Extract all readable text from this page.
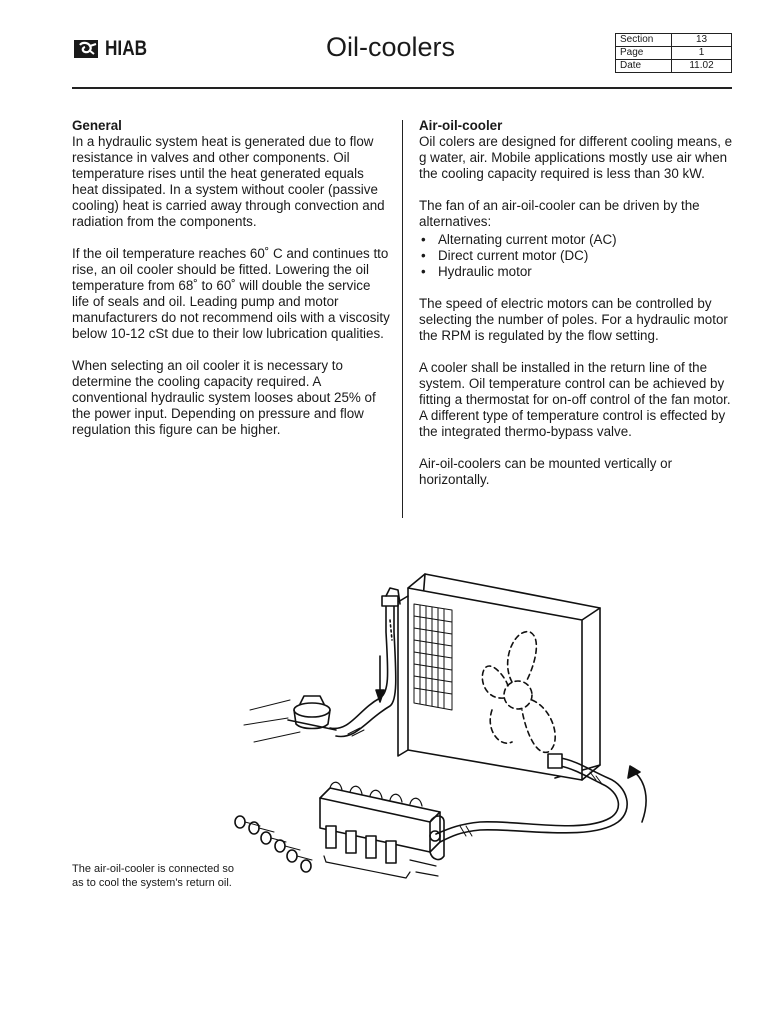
HIAB	Oil-coolers	Section	13
Page	1
Date	11.02
General

In a hydraulic system heat is generated due to flow resistance in valves and other components. Oil temperature rises until the heat generated equals heat dissipated. In a system without cooler (passive cooling) heat is carried away through convection and radiation from the components.

If the oil temperature reaches 60˚ C and continues tto rise, an oil cooler should be fitted. Lowering the oil temperature from 68˚ to 60˚ will double the service life of seals and oil. Leading pump and motor manufacturers do not recommend oils with a viscosity below 10-12 cSt due to their low lubrication qualities.

When selecting an oil cooler it is necessary to determine the cooling capacity required. A conventional hydraulic system looses about 25% of the power input. Depending on pressure and flow regulation this figure can be higher.

Air-oil-cooler

Oil colers are designed for different cooling means, e g water, air. Mobile applications mostly use air when the cooling capacity required is less than 30 kW.

The fan of an air-oil-cooler can be driven by the alternatives:

• Alternating current motor (AC)
• Direct current motor (DC)
• Hydraulic motor

The speed of electric motors can be controlled by selecting the number of poles. For a hydraulic motor the RPM is regulated by the flow setting.

A cooler shall be installed in the return line of the system. Oil temperature control can be achieved by fitting a thermostat for on-off control of the fan motor. A different type of temperature control is effected by the integrated thermo-bypass valve.

Air-oil-coolers can be mounted vertically or horizontally.

The air-oil-cooler is connected so as to cool the system's return oil.
